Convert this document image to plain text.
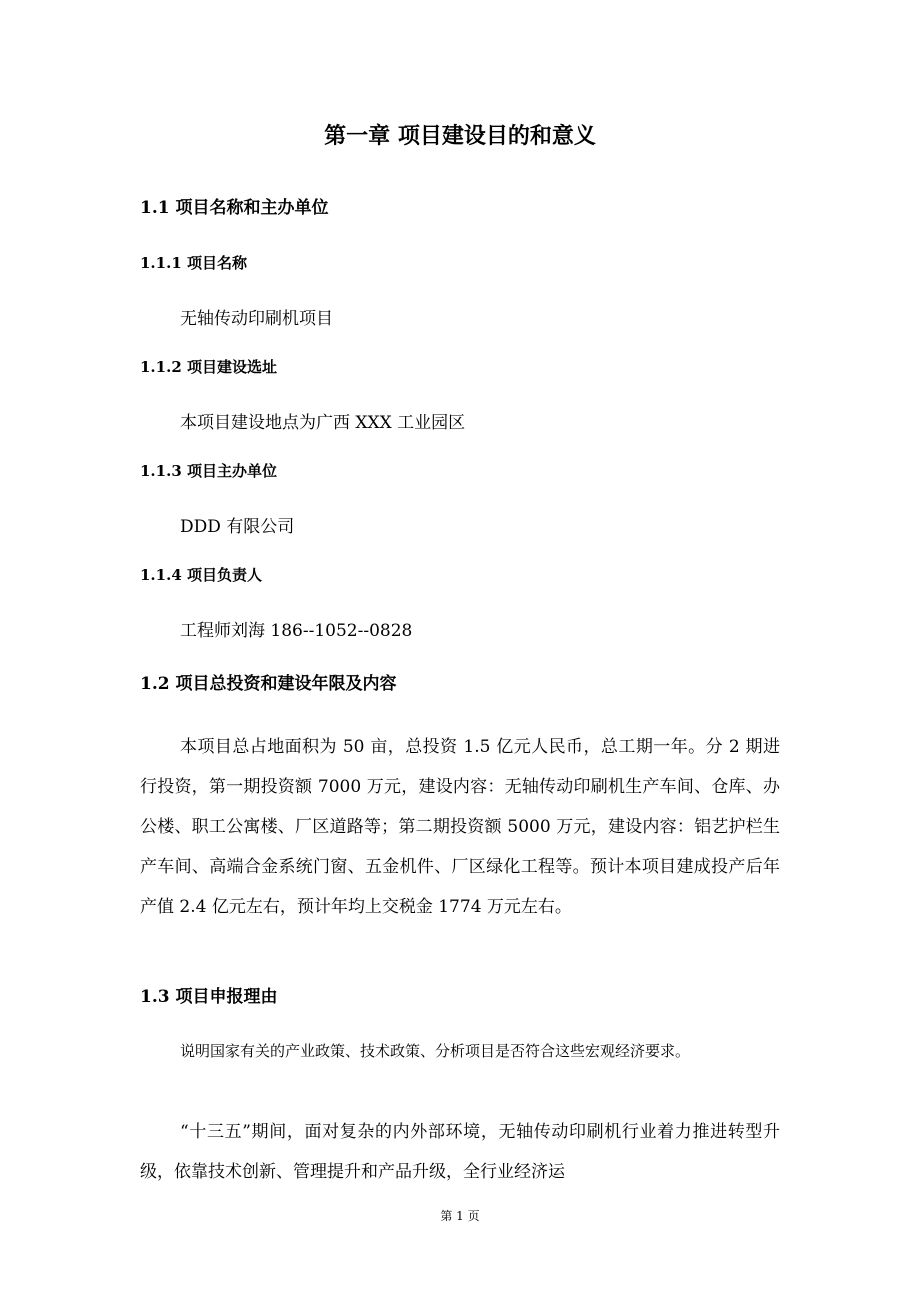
第一章 项目建设目的和意义
1.1 项目名称和主办单位
1.1.1 项目名称

无轴传动印刷机项目

1.1.2 项目建设选址

本项目建设地点为广西 XXX 工业园区

1.1.3 项目主办单位

DDD 有限公司

1.1.4 项目负责人

工程师刘海 186--1052--0828

1.2 项目总投资和建设年限及内容

本项目总占地面积为 50 亩，总投资 1.5 亿元人民币，总工期一年。分 2 期进行投资，第一期投资额 7000 万元，建设内容：无轴传动印刷机生产车间、仓库、办公楼、职工公寓楼、厂区道路等；第二期投资额 5000 万元，建设内容：铝艺护栏生产车间、高端合金系统门窗、五金机件、厂区绿化工程等。预计本项目建成投产后年产值 2.4 亿元左右，预计年均上交税金 1774 万元左右。

1.3 项目申报理由

说明国家有关的产业政策、技术政策、分析项目是否符合这些宏观经济要求。

“十三五”期间，面对复杂的内外部环境，无轴传动印刷机行业着力推进转型升级，依靠技术创新、管理提升和产品升级，全行业经济运

第 1 页
